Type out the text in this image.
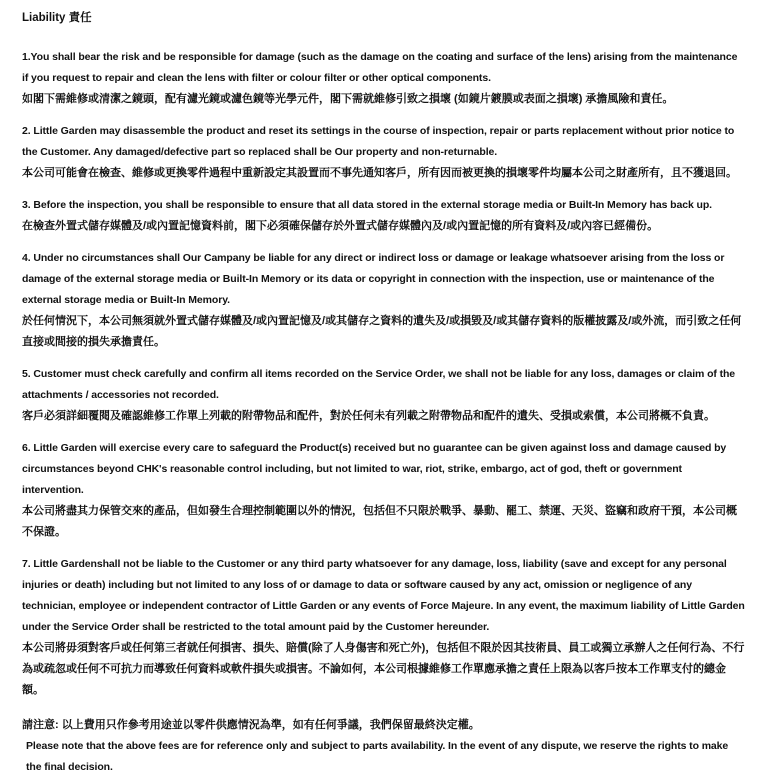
Liability 責任
1.You shall bear the risk and be responsible for damage (such as the damage on the coating and surface of the lens) arising from the maintenance if you request to repair and clean the lens with filter or colour filter or other optical components.
如閣下需維修或清潔之鏡頭，配有濾光鏡或濾色鏡等光學元件，閣下需就維修引致之損壞 (如鏡片鍍膜或表面之損壞) 承擔風險和責任。
2. Little Garden may disassemble the product and reset its settings in the course of inspection, repair or parts replacement without prior notice to the Customer. Any damaged/defective part so replaced shall be Our property and non-returnable.
本公司可能會在檢查、維修或更換零件過程中重新設定其設置而不事先通知客戶，所有因而被更換的損壞零件均屬本公司之財產所有，且不獲退回。
3. Before the inspection, you shall be responsible to ensure that all data stored in the external storage media or Built-In Memory has back up.
在檢查外置式儲存媒體及/或內置記憶資料前，閣下必須確保儲存於外置式儲存媒體內及/或內置記憶的所有資料及/或內容已經備份。
4. Under no circumstances shall Our Campany be liable for any direct or indirect loss or damage or leakage whatsoever arising from the loss or damage of the external storage media or Built-In Memory or its data or copyright in connection with the inspection, use or maintenance of the external storage media or Built-In Memory.
於任何情況下，本公司無須就外置式儲存媒體及/或內置記憶及/或其儲存之資料的遺失及/或損毀及/或其儲存資料的版權披露及/或外流，而引致之任何直接或間接的損失承擔責任。
5. Customer must check carefully and confirm all items recorded on the Service Order, we shall not be liable for any loss, damages or claim of the attachments / accessories not recorded.
客戶必須詳細覆閱及確認維修工作單上列載的附帶物品和配件，對於任何未有列載之附帶物品和配件的遺失、受損或索償，本公司將概不負責。
6. Little Garden will exercise every care to safeguard the Product(s) received but no guarantee can be given against loss and damage caused by circumstances beyond CHK's reasonable control including, but not limited to war, riot, strike, embargo, act of god, theft or government intervention.
本公司將盡其力保管交來的產品，但如發生合理控制範圍以外的情況，包括但不只限於戰爭、暴動、罷工、禁運、天災、盜竊和政府干預，本公司概不保證。
7. Little Gardenshall not be liable to the Customer or any third party whatsoever for any damage, loss, liability (save and except for any personal injuries or death) including but not limited to any loss of or damage to data or software caused by any act, omission or negligence of any technician, employee or independent contractor of Little Garden or any events of Force Majeure. In any event, the maximum liability of Little Garden under the Service Order shall be restricted to the total amount paid by the Customer hereunder.
本公司將毋須對客戶或任何第三者就任何損害、損失、賠償(除了人身傷害和死亡外)，包括但不限於因其技術員、員工或獨立承辦人之任何行為、不行為或疏忽或任何不可抗力而導致任何資料或軟件損失或損害。不論如何，本公司根據維修工作單應承擔之責任上限為以客戶按本工作單支付的總金額。
請注意: 以上費用只作參考用途並以零件供應情況為準，如有任何爭議，我們保留最終決定權。
Please note that the above fees are for reference only and subject to parts availability. In the event of any dispute, we reserve the rights to make the final decision.
